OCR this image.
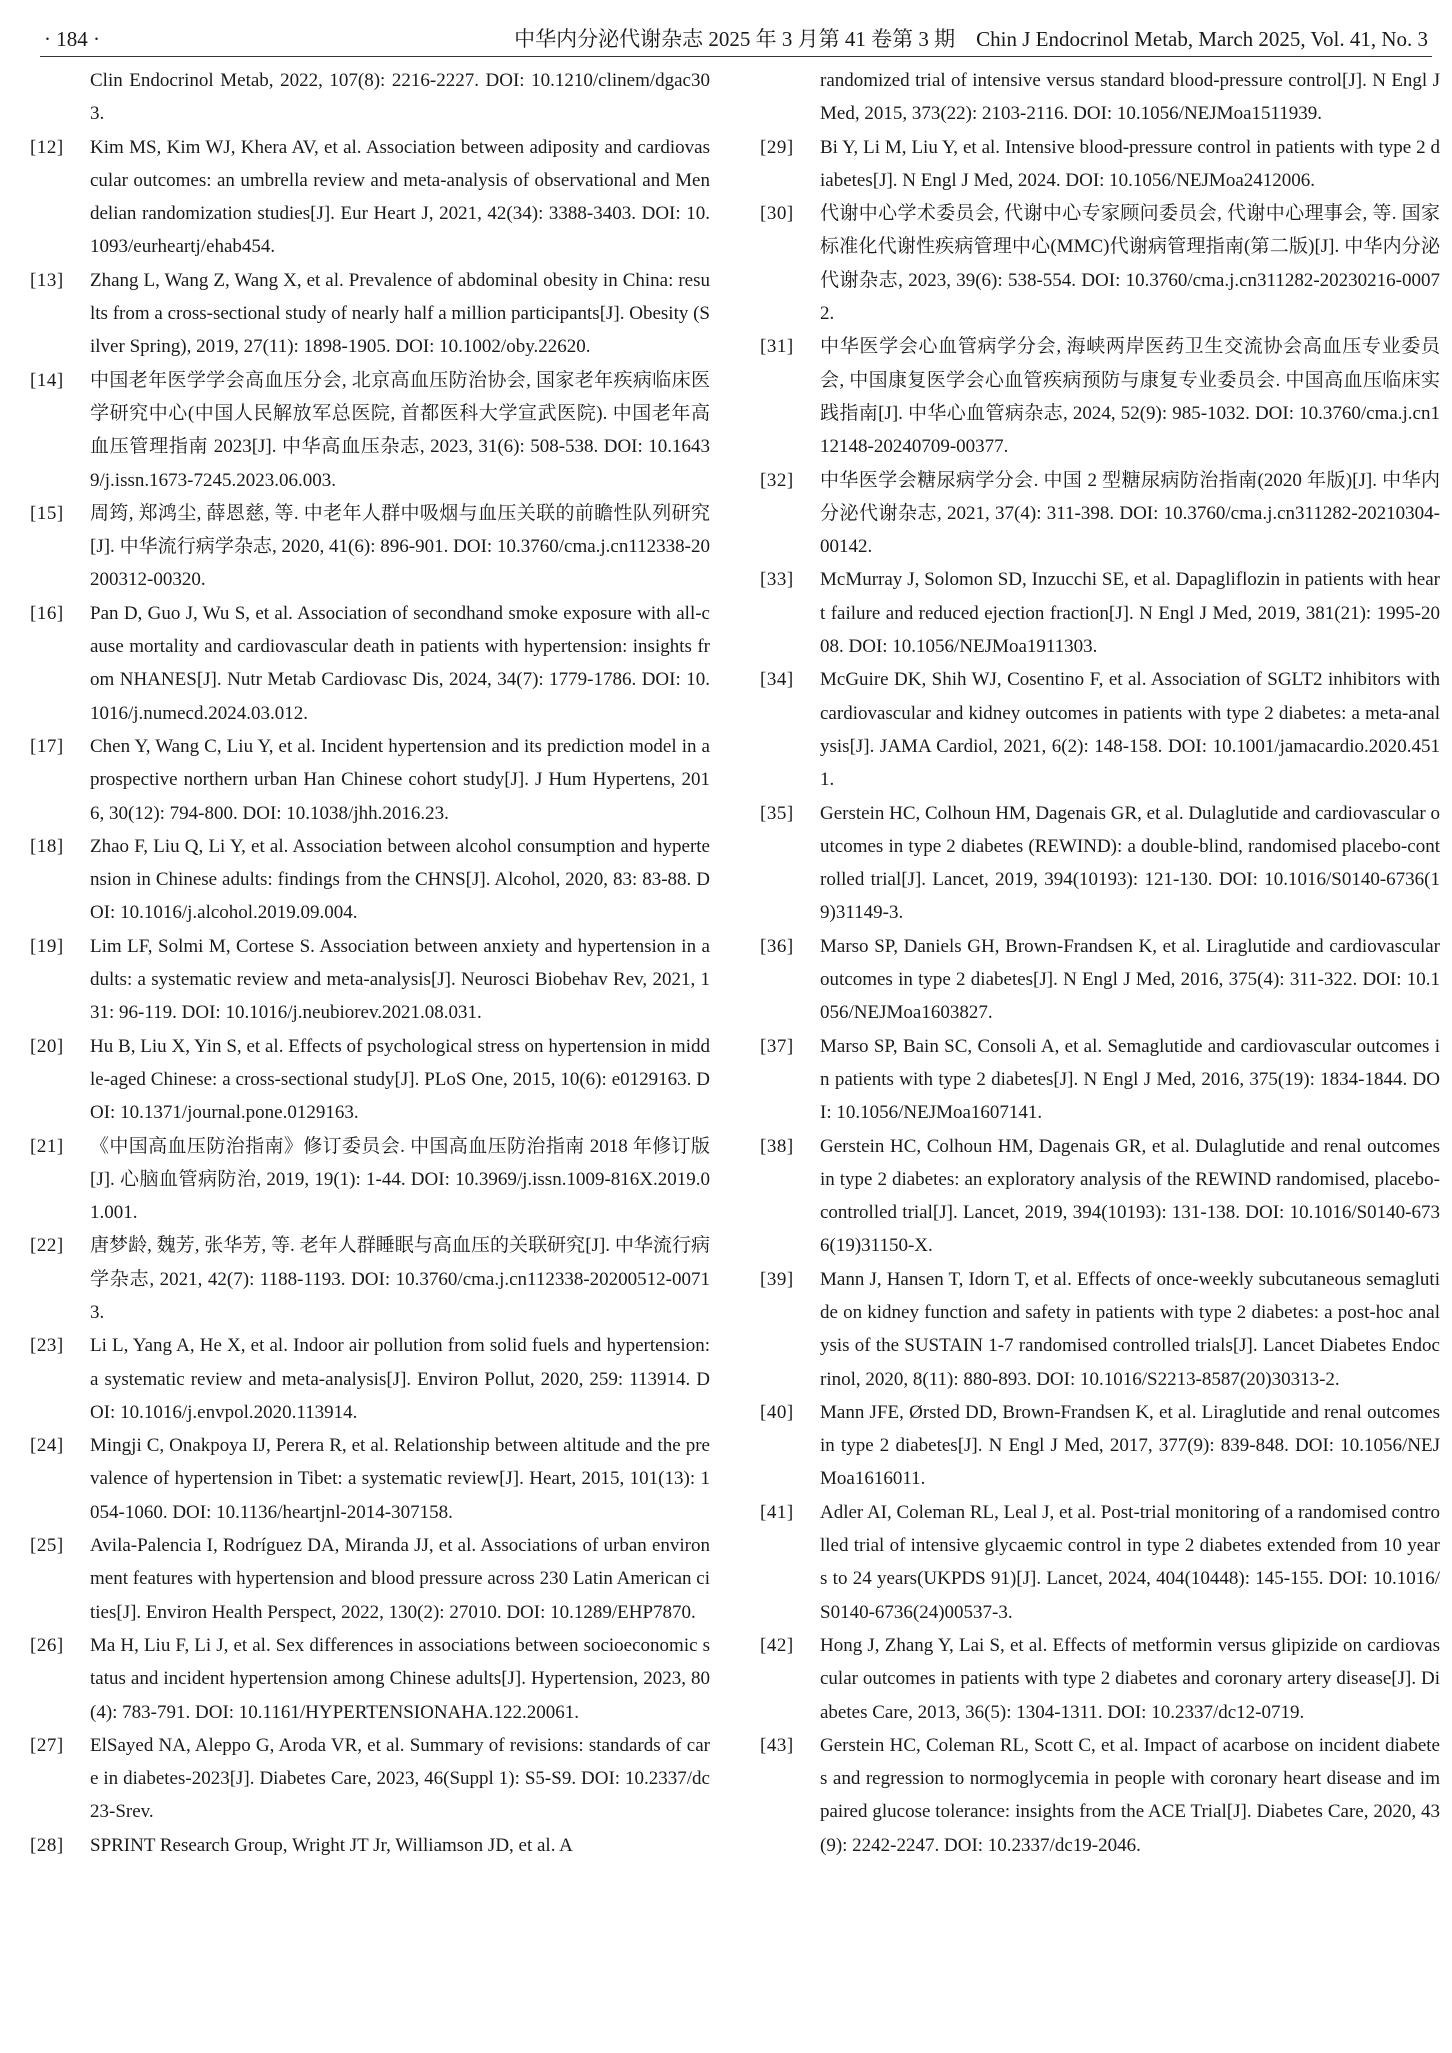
· 184 ·	中华内分泌代谢杂志 2025 年 3 月第 41 卷第 3 期　Chin J Endocrinol Metab, March 2025, Vol. 41, No. 3
Clin Endocrinol Metab, 2022, 107(8): 2216-2227. DOI: 10.1210/clinem/dgac303.
[12]	Kim MS, Kim WJ, Khera AV, et al. Association between adiposity and cardiovascular outcomes: an umbrella review and meta-analysis of observational and Mendelian randomization studies[J]. Eur Heart J, 2021, 42(34): 3388-3403. DOI: 10.1093/eurheartj/ehab454.
[13]	Zhang L, Wang Z, Wang X, et al. Prevalence of abdominal obesity in China: results from a cross-sectional study of nearly half a million participants[J]. Obesity (Silver Spring), 2019, 27(11): 1898-1905. DOI: 10.1002/oby.22620.
[14]	中国老年医学学会高血压分会, 北京高血压防治协会, 国家老年疾病临床医学研究中心(中国人民解放军总医院, 首都医科大学宣武医院). 中国老年高血压管理指南 2023[J]. 中华高血压杂志, 2023, 31(6): 508-538. DOI: 10.16439/j.issn.1673-7245.2023.06.003.
[15]	周筠, 郑鸿尘, 薛恩慈, 等. 中老年人群中吸烟与血压关联的前瞻性队列研究[J]. 中华流行病学杂志, 2020, 41(6): 896-901. DOI: 10.3760/cma.j.cn112338-20200312-00320.
[16]	Pan D, Guo J, Wu S, et al. Association of secondhand smoke exposure with all-cause mortality and cardiovascular death in patients with hypertension: insights from NHANES[J]. Nutr Metab Cardiovasc Dis, 2024, 34(7): 1779-1786. DOI: 10.1016/j.numecd.2024.03.012.
[17]	Chen Y, Wang C, Liu Y, et al. Incident hypertension and its prediction model in a prospective northern urban Han Chinese cohort study[J]. J Hum Hypertens, 2016, 30(12): 794-800. DOI: 10.1038/jhh.2016.23.
[18]	Zhao F, Liu Q, Li Y, et al. Association between alcohol consumption and hypertension in Chinese adults: findings from the CHNS[J]. Alcohol, 2020, 83: 83-88. DOI: 10.1016/j.alcohol.2019.09.004.
[19]	Lim LF, Solmi M, Cortese S. Association between anxiety and hypertension in adults: a systematic review and meta-analysis[J]. Neurosci Biobehav Rev, 2021, 131: 96-119. DOI: 10.1016/j.neubiorev.2021.08.031.
[20]	Hu B, Liu X, Yin S, et al. Effects of psychological stress on hypertension in middle-aged Chinese: a cross-sectional study[J]. PLoS One, 2015, 10(6): e0129163. DOI: 10.1371/journal.pone.0129163.
[21]	《中国高血压防治指南》修订委员会. 中国高血压防治指南 2018 年修订版[J]. 心脑血管病防治, 2019, 19(1): 1-44. DOI: 10.3969/j.issn.1009-816X.2019.01.001.
[22]	唐梦龄, 魏芳, 张华芳, 等. 老年人群睡眠与高血压的关联研究[J]. 中华流行病学杂志, 2021, 42(7): 1188-1193. DOI: 10.3760/cma.j.cn112338-20200512-00713.
[23]	Li L, Yang A, He X, et al. Indoor air pollution from solid fuels and hypertension: a systematic review and meta-analysis[J]. Environ Pollut, 2020, 259: 113914. DOI: 10.1016/j.envpol.2020.113914.
[24]	Mingji C, Onakpoya IJ, Perera R, et al. Relationship between altitude and the prevalence of hypertension in Tibet: a systematic review[J]. Heart, 2015, 101(13): 1054-1060. DOI: 10.1136/heartjnl-2014-307158.
[25]	Avila-Palencia I, Rodríguez DA, Miranda JJ, et al. Associations of urban environment features with hypertension and blood pressure across 230 Latin American cities[J]. Environ Health Perspect, 2022, 130(2): 27010. DOI: 10.1289/EHP7870.
[26]	Ma H, Liu F, Li J, et al. Sex differences in associations between socioeconomic status and incident hypertension among Chinese adults[J]. Hypertension, 2023, 80(4): 783-791. DOI: 10.1161/HYPERTENSIONAHA.122.20061.
[27]	ElSayed NA, Aleppo G, Aroda VR, et al. Summary of revisions: standards of care in diabetes-2023[J]. Diabetes Care, 2023, 46(Suppl 1): S5-S9. DOI: 10.2337/dc23-Srev.
[28]	SPRINT Research Group, Wright JT Jr, Williamson JD, et al. A
randomized trial of intensive versus standard blood-pressure control[J]. N Engl J Med, 2015, 373(22): 2103-2116. DOI: 10.1056/NEJMoa1511939.
[29]	Bi Y, Li M, Liu Y, et al. Intensive blood-pressure control in patients with type 2 diabetes[J]. N Engl J Med, 2024. DOI: 10.1056/NEJMoa2412006.
[30]	代谢中心学术委员会, 代谢中心专家顾问委员会, 代谢中心理事会, 等. 国家标准化代谢性疾病管理中心(MMC)代谢病管理指南(第二版)[J]. 中华内分泌代谢杂志, 2023, 39(6): 538-554. DOI: 10.3760/cma.j.cn311282-20230216-00072.
[31]	中华医学会心血管病学分会, 海峡两岸医药卫生交流协会高血压专业委员会, 中国康复医学会心血管疾病预防与康复专业委员会. 中国高血压临床实践指南[J]. 中华心血管病杂志, 2024, 52(9): 985-1032. DOI: 10.3760/cma.j.cn112148-20240709-00377.
[32]	中华医学会糖尿病学分会. 中国 2 型糖尿病防治指南(2020 年版)[J]. 中华内分泌代谢杂志, 2021, 37(4): 311-398. DOI: 10.3760/cma.j.cn311282-20210304-00142.
[33]	McMurray J, Solomon SD, Inzucchi SE, et al. Dapagliflozin in patients with heart failure and reduced ejection fraction[J]. N Engl J Med, 2019, 381(21): 1995-2008. DOI: 10.1056/NEJMoa1911303.
[34]	McGuire DK, Shih WJ, Cosentino F, et al. Association of SGLT2 inhibitors with cardiovascular and kidney outcomes in patients with type 2 diabetes: a meta-analysis[J]. JAMA Cardiol, 2021, 6(2): 148-158. DOI: 10.1001/jamacardio.2020.4511.
[35]	Gerstein HC, Colhoun HM, Dagenais GR, et al. Dulaglutide and cardiovascular outcomes in type 2 diabetes (REWIND): a double-blind, randomised placebo-controlled trial[J]. Lancet, 2019, 394(10193): 121-130. DOI: 10.1016/S0140-6736(19)31149-3.
[36]	Marso SP, Daniels GH, Brown-Frandsen K, et al. Liraglutide and cardiovascular outcomes in type 2 diabetes[J]. N Engl J Med, 2016, 375(4): 311-322. DOI: 10.1056/NEJMoa1603827.
[37]	Marso SP, Bain SC, Consoli A, et al. Semaglutide and cardiovascular outcomes in patients with type 2 diabetes[J]. N Engl J Med, 2016, 375(19): 1834-1844. DOI: 10.1056/NEJMoa1607141.
[38]	Gerstein HC, Colhoun HM, Dagenais GR, et al. Dulaglutide and renal outcomes in type 2 diabetes: an exploratory analysis of the REWIND randomised, placebo-controlled trial[J]. Lancet, 2019, 394(10193): 131-138. DOI: 10.1016/S0140-6736(19)31150-X.
[39]	Mann J, Hansen T, Idorn T, et al. Effects of once-weekly subcutaneous semaglutide on kidney function and safety in patients with type 2 diabetes: a post-hoc analysis of the SUSTAIN 1-7 randomised controlled trials[J]. Lancet Diabetes Endocrinol, 2020, 8(11): 880-893. DOI: 10.1016/S2213-8587(20)30313-2.
[40]	Mann JFE, Ørsted DD, Brown-Frandsen K, et al. Liraglutide and renal outcomes in type 2 diabetes[J]. N Engl J Med, 2017, 377(9): 839-848. DOI: 10.1056/NEJMoa1616011.
[41]	Adler AI, Coleman RL, Leal J, et al. Post-trial monitoring of a randomised controlled trial of intensive glycaemic control in type 2 diabetes extended from 10 years to 24 years(UKPDS 91)[J]. Lancet, 2024, 404(10448): 145-155. DOI: 10.1016/S0140-6736(24)00537-3.
[42]	Hong J, Zhang Y, Lai S, et al. Effects of metformin versus glipizide on cardiovascular outcomes in patients with type 2 diabetes and coronary artery disease[J]. Diabetes Care, 2013, 36(5): 1304-1311. DOI: 10.2337/dc12-0719.
[43]	Gerstein HC, Coleman RL, Scott C, et al. Impact of acarbose on incident diabetes and regression to normoglycemia in people with coronary heart disease and impaired glucose tolerance: insights from the ACE Trial[J]. Diabetes Care, 2020, 43(9): 2242-2247. DOI: 10.2337/dc19-2046.
